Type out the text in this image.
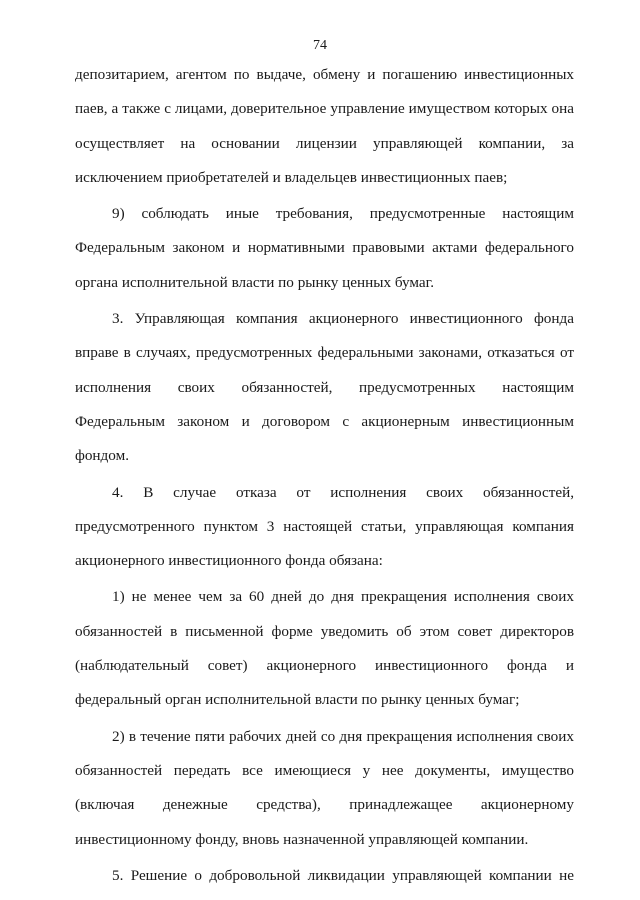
74

депозитарием, агентом по выдаче, обмену и погашению инвестиционных паев, а также с лицами, доверительное управление имуществом которых она осуществляет на основании лицензии управляющей компании, за исключением приобретателей и владельцев инвестиционных паев;

9) соблюдать иные требования, предусмотренные настоящим Федеральным законом и нормативными правовыми актами федерального органа исполнительной власти по рынку ценных бумаг.

3. Управляющая компания акционерного инвестиционного фонда вправе в случаях, предусмотренных федеральными законами, отказаться от исполнения своих обязанностей, предусмотренных настоящим Федеральным законом и договором с акционерным инвестиционным фондом.

4. В случае отказа от исполнения своих обязанностей, предусмотренного пунктом 3 настоящей статьи, управляющая компания акционерного инвестиционного фонда обязана:

1) не менее чем за 60 дней до дня прекращения исполнения своих обязанностей в письменной форме уведомить об этом совет директоров (наблюдательный совет) акционерного инвестиционного фонда и федеральный орган исполнительной власти по рынку ценных бумаг;

2) в течение пяти рабочих дней со дня прекращения исполнения своих обязанностей передать все имеющиеся у нее документы, имущество (включая денежные средства), принадлежащее акционерному инвестиционному фонду, вновь назначенной управляющей компании.

5. Решение о добровольной ликвидации управляющей компании не
